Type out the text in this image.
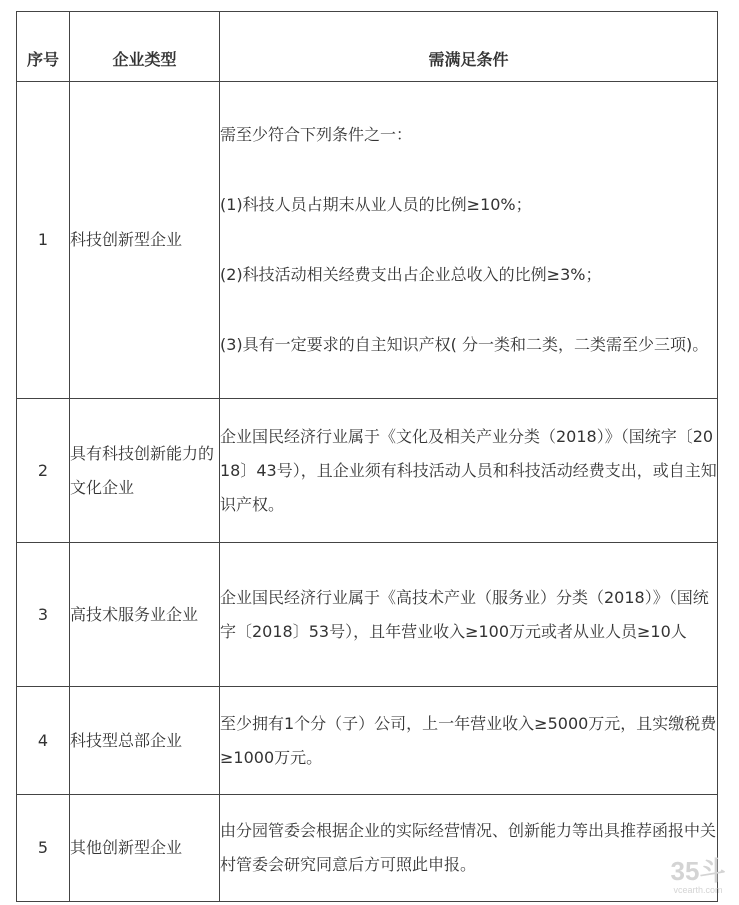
序号	企业类型	需满足条件
1	科技创新型企业	需至少符合下列条件之一：

(1)科技人员占期末从业人员的比例≥10%；

(2)科技活动相关经费支出占企业总收入的比例≥3%；

(3)具有一定要求的自主知识产权( 分一类和二类，二类需至少三项)。

2	具有科技创新能力的文化企业	企业国民经济行业属于《文化及相关产业分类（2018）》（国统字〔2018〕43号），且企业须有科技活动人员和科技活动经费支出，或自主知识产权。

3	高技术服务业企业	企业国民经济行业属于《高技术产业（服务业）分类（2018）》（国统字〔2018〕53号），且年营业收入≥100万元或者从业人员≥10人

4	科技型总部企业	至少拥有1个分（子）公司，上一年营业收入≥5000万元，且实缴税费≥1000万元。

5	其他创新型企业	由分园管委会根据企业的实际经营情况、创新能力等出具推荐函报中关村管委会研究同意后方可照此申报。	35斗
vcearth.com
